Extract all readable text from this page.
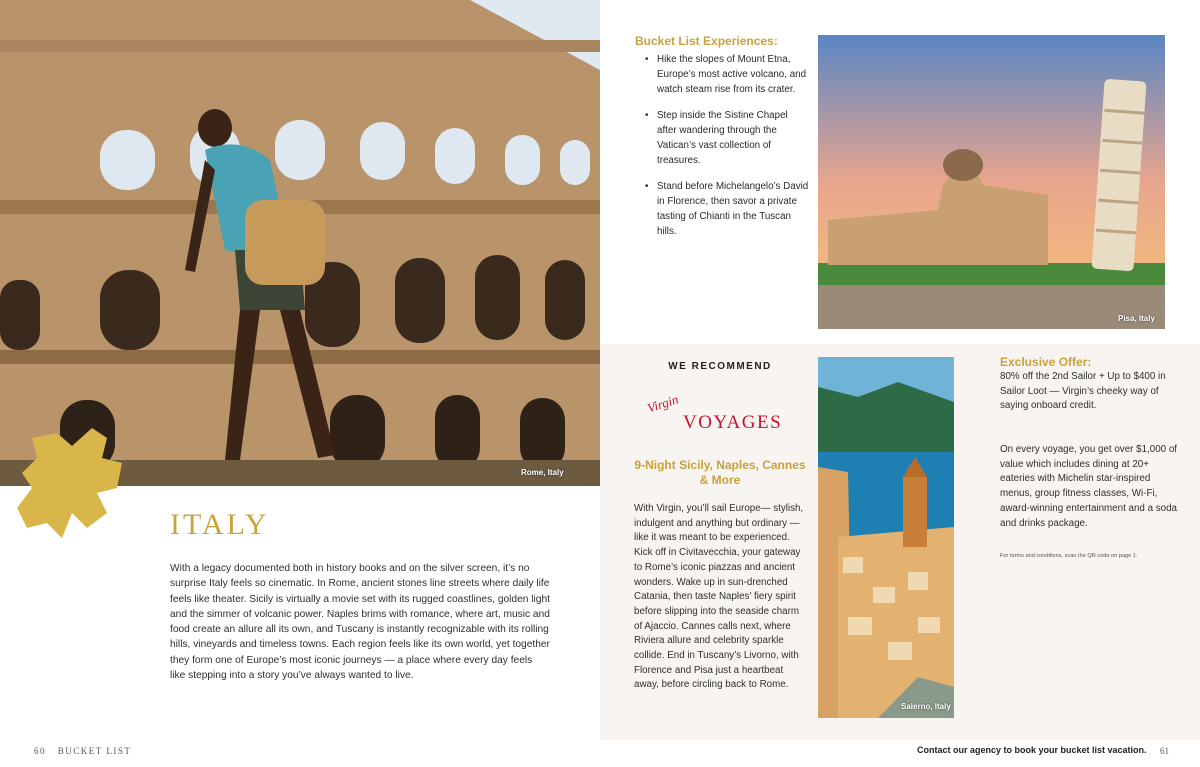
Rome, Italy
ITALY

With a legacy documented both in history books and on the silver screen, it’s no surprise Italy feels so cinematic. In Rome, ancient stones line streets where daily life feels like theater. Sicily is virtually a movie set with its rugged coastlines, golden light and the simmer of volcanic power. Naples brims with romance, where art, music and food create an allure all its own, and Tuscany is instantly recognizable with its rolling hills, vineyards and timeless towns. Each region feels like its own world, yet together they form one of Europe’s most iconic journeys — a place where every day feels like stepping into a story you’ve always wanted to live.

60 BUCKET LIST
Bucket List Experiences:
• Hike the slopes of Mount Etna, Europe’s most active volcano, and watch steam rise from its crater.
• Step inside the Sistine Chapel after wandering through the Vatican’s vast collection of treasures.
• Stand before Michelangelo’s David in Florence, then savor a private tasting of Chianti in the Tuscan hills.
Pisa, Italy
WE RECOMMEND
Virgin
VOYAGES
9-Night Sicily, Naples, Cannes & More

With Virgin, you’ll sail Europe— stylish, indulgent and anything but ordinary — like it was meant to be experienced. Kick off in Civitavecchia, your gateway to Rome’s iconic piazzas and ancient wonders. Wake up in sun-drenched Catania, then taste Naples’ fiery spirit before slipping into the seaside charm of Ajaccio. Cannes calls next, where Riviera allure and celebrity sparkle collide. End in Tuscany’s Livorno, with Florence and Pisa just a heartbeat away, before circling back to Rome.

Salerno, Italy
Exclusive Offer:

80% off the 2nd Sailor + Up to $400 in Sailor Loot — Virgin’s cheeky way of saying onboard credit.

On every voyage, you get over $1,000 of value which includes dining at 20+ eateries with Michelin star-inspired menus, group fitness classes, Wi-Fi, award-winning entertainment and a soda and drinks package.

For terms and conditions, scan the QR code on page 1.

Contact our agency to book your bucket list vacation. 61
